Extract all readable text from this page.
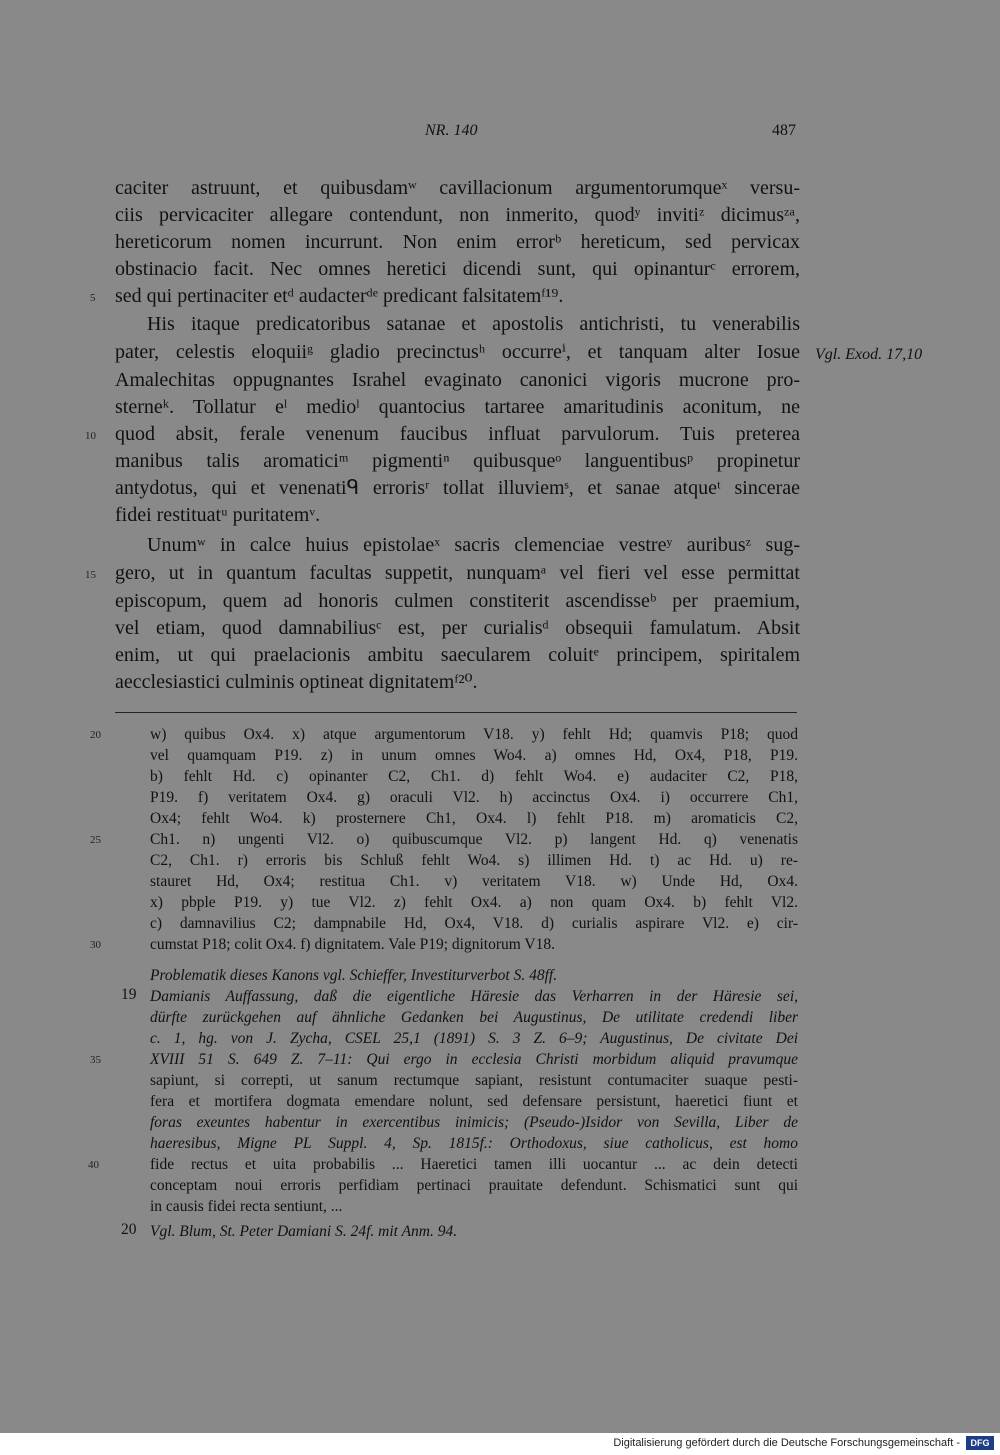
NR. 140	487
caciter astruunt, et quibusdamʷ cavillacionum argumentorumqueˣ versu-
ciis pervicaciter allegare contendunt, non inmerito, quodʸ invitiᶻ dicimusᶻᵃ,
hereticorum nomen incurrunt. Non enim errorᵇ hereticum, sed pervicax
obstinacio facit. Nec omnes heretici dicendi sunt, qui opinanturᶜ errorem,
sed qui pertinaciter etᵈ audacterᵈᵉ predicant falsitatemᶠ¹⁹.
His itaque predicatoribus satanae et apostolis antichristi, tu venerabilis
pater, celestis eloquiiᵍ gladio precinctusʰ occurreⁱ, et tanquam alter Iosue
Amalechitas oppugnantes Israhel evaginato canonici vigoris mucrone pro-
sterneᵏ. Tollatur eˡ medioˡ quantocius tartaree amaritudinis aconitum, ne
quod absit, ferale venenum faucibus influat parvulorum. Tuis preterea
manibus talis aromaticiᵐ pigmentiⁿ quibusqueᵒ languentibusᵖ propinetur
antydotus, qui et venenatiᑫ errorisʳ tollat illuviemˢ, et sanae atqueᵗ sincerae
fidei restituatᵘ puritatemᵛ.
Unumʷ in calce huius epistolaeˣ sacris clemenciae vestreʸ auribusᶻ sug-
gero, ut in quantum facultas suppetit, nunquamᵃ vel fieri vel esse permittat
episcopum, quem ad honoris culmen constiterit ascendisseᵇ per praemium,
vel etiam, quod damnabiliusᶜ est, per curialisᵈ obsequii famulatum. Absit
enim, ut qui praelacionis ambitu saecularem coluitᵉ principem, spiritalem
aecclesiastici culminis optineat dignitatemᶠ²⁰.
5
10
15
Vgl. Exod. 17,10
w) quibus Ox4. x) atque argumentorum V18. y) fehlt Hd; quamvis P18; quod
vel quamquam P19. z) in unum omnes Wo4. a) omnes Hd, Ox4, P18, P19.
b) fehlt Hd. c) opinanter C2, Ch1. d) fehlt Wo4. e) audaciter C2, P18,
P19. f) veritatem Ox4. g) oraculi Vl2. h) accinctus Ox4. i) occurrere Ch1,
Ox4; fehlt Wo4. k) prosternere Ch1, Ox4. l) fehlt P18. m) aromaticis C2,
Ch1. n) ungenti Vl2. o) quibuscumque Vl2. p) langent Hd. q) venenatis
C2, Ch1. r) erroris bis Schluß fehlt Wo4. s) illimen Hd. t) ac Hd. u) re-
stauret Hd, Ox4; restitua Ch1. v) veritatem V18. w) Unde Hd, Ox4.
x) pbple P19. y) tue Vl2. z) fehlt Ox4. a) non quam Ox4. b) fehlt Vl2.
c) damnavilius C2; dampnabile Hd, Ox4, V18. d) curialis aspirare Vl2. e) cir-
cumstat P18; colit Ox4. f) dignitatem. Vale P19; dignitorum V18.
20
25
30
Problematik dieses Kanons vgl. Schieffer, Investiturverbot S. 48ff.
19 Damianis Auffassung, daß die eigentliche Häresie das Verharren in der Häresie sei,
dürfte zurückgehen auf ähnliche Gedanken bei Augustinus, De utilitate credendi liber
c. 1, hg. von J. Zycha, CSEL 25,1 (1891) S. 3 Z. 6–9; Augustinus, De civitate Dei
XVIII 51 S. 649 Z. 7–11: Qui ergo in ecclesia Christi morbidum aliquid pravumque
sapiunt, si correpti, ut sanum rectumque sapiant, resistunt contumaciter suaque pesti-
fera et mortifera dogmata emendare nolunt, sed defensare persistunt, haeretici fiunt et
foras exeuntes habentur in exercentibus inimicis; (Pseudo-)Isidor von Sevilla, Liber de
haeresibus, Migne PL Suppl. 4, Sp. 1815f.: Orthodoxus, siue catholicus, est homo
fide rectus et uita probabilis ... Haeretici tamen illi uocantur ... ac dein detecti
conceptam noui erroris perfidiam pertinaci prauitate defendunt. Schismatici sunt qui
in causis fidei recta sentiunt, ...
20 Vgl. Blum, St. Peter Damiani S. 24f. mit Anm. 94.
35
40
Digitalisierung gefördert durch die Deutsche Forschungsgemeinschaft -	DFG
